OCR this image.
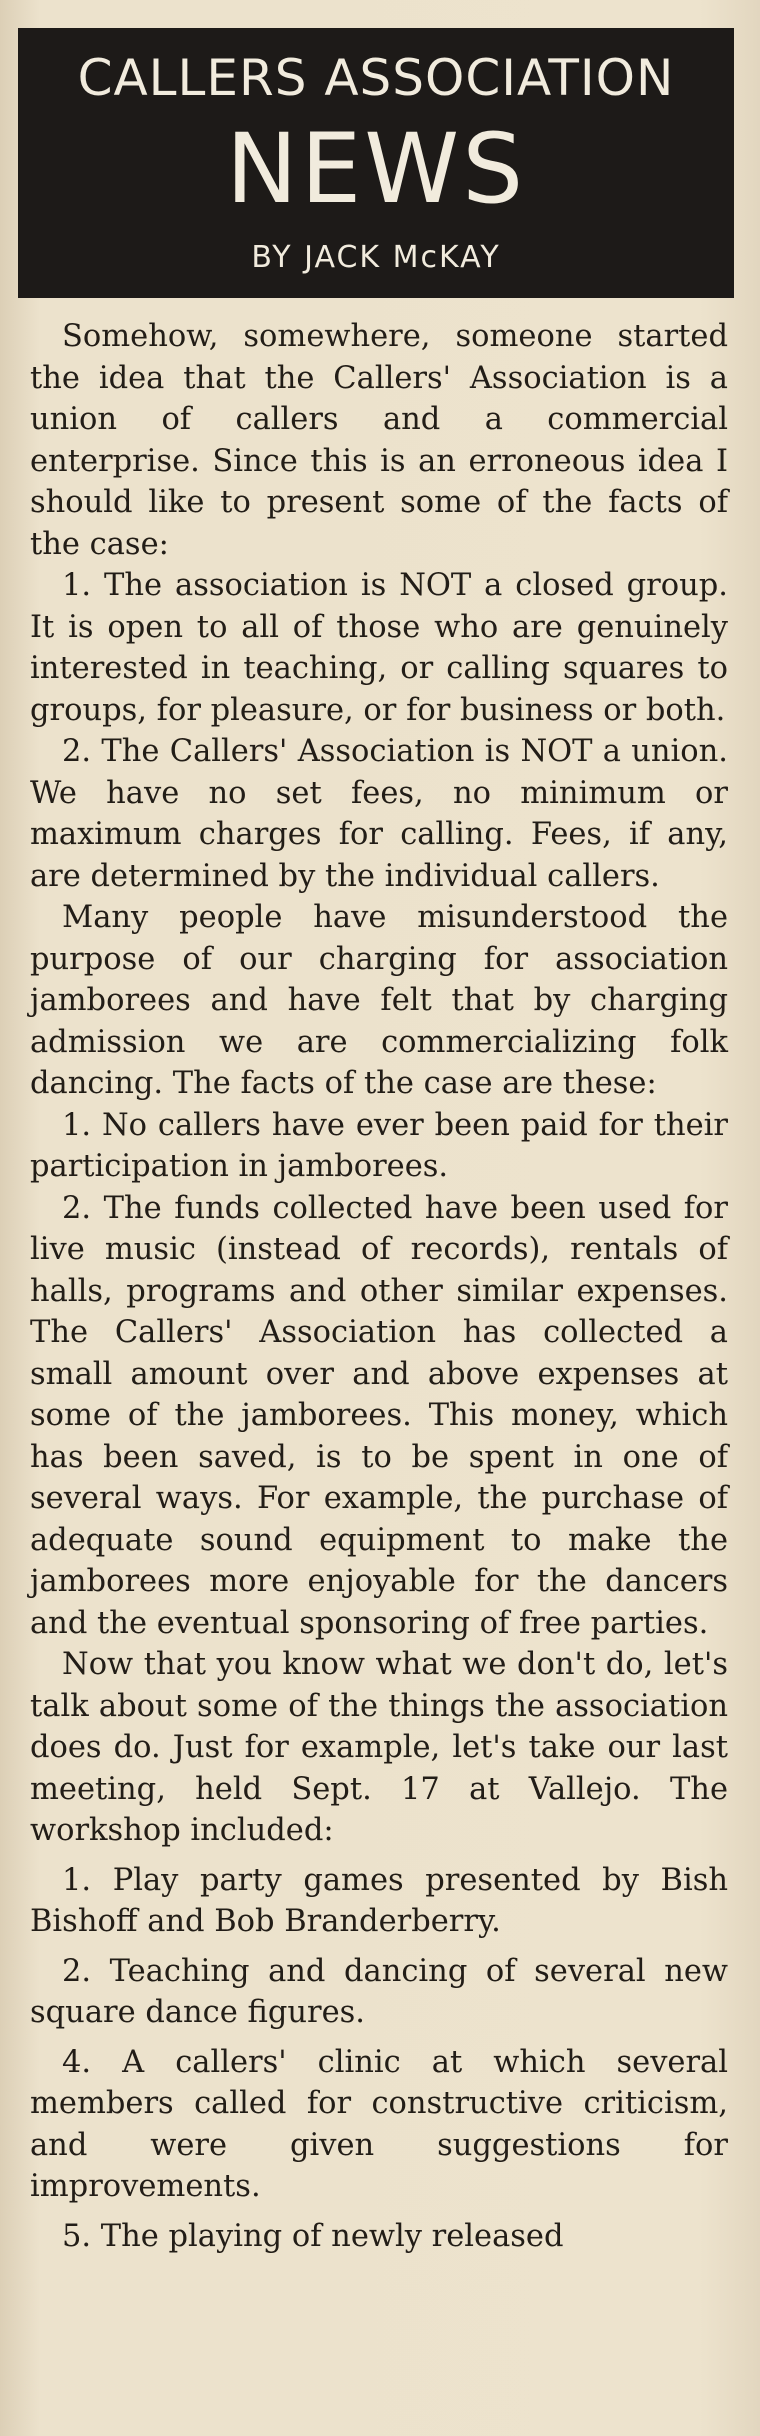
CALLERS ASSOCIATION
NEWS
BY JACK McKAY

Somehow, somewhere, someone started the idea that the Callers' Association is a union of callers and a commercial enterprise. Since this is an erroneous idea I should like to present some of the facts of the case:

1. The association is NOT a closed group. It is open to all of those who are genuinely interested in teaching, or calling squares to groups, for pleasure, or for business or both.

2. The Callers' Association is NOT a union. We have no set fees, no minimum or maximum charges for calling. Fees, if any, are determined by the individual callers.

Many people have misunderstood the purpose of our charging for association jamborees and have felt that by charging admission we are commercializing folk dancing. The facts of the case are these:

1. No callers have ever been paid for their participation in jamborees.

2. The funds collected have been used for live music (instead of records), rentals of halls, programs and other similar expenses. The Callers' Association has collected a small amount over and above expenses at some of the jamborees. This money, which has been saved, is to be spent in one of several ways. For example, the purchase of adequate sound equipment to make the jamborees more enjoyable for the dancers and the eventual sponsoring of free parties.

Now that you know what we don't do, let's talk about some of the things the association does do. Just for example, let's take our last meeting, held Sept. 17 at Vallejo. The workshop included:

1. Play party games presented by Bish Bishoff and Bob Branderberry.

2. Teaching and dancing of several new square dance figures.

4. A callers' clinic at which several members called for constructive criticism, and were given suggestions for improvements.

5. The playing of newly released
